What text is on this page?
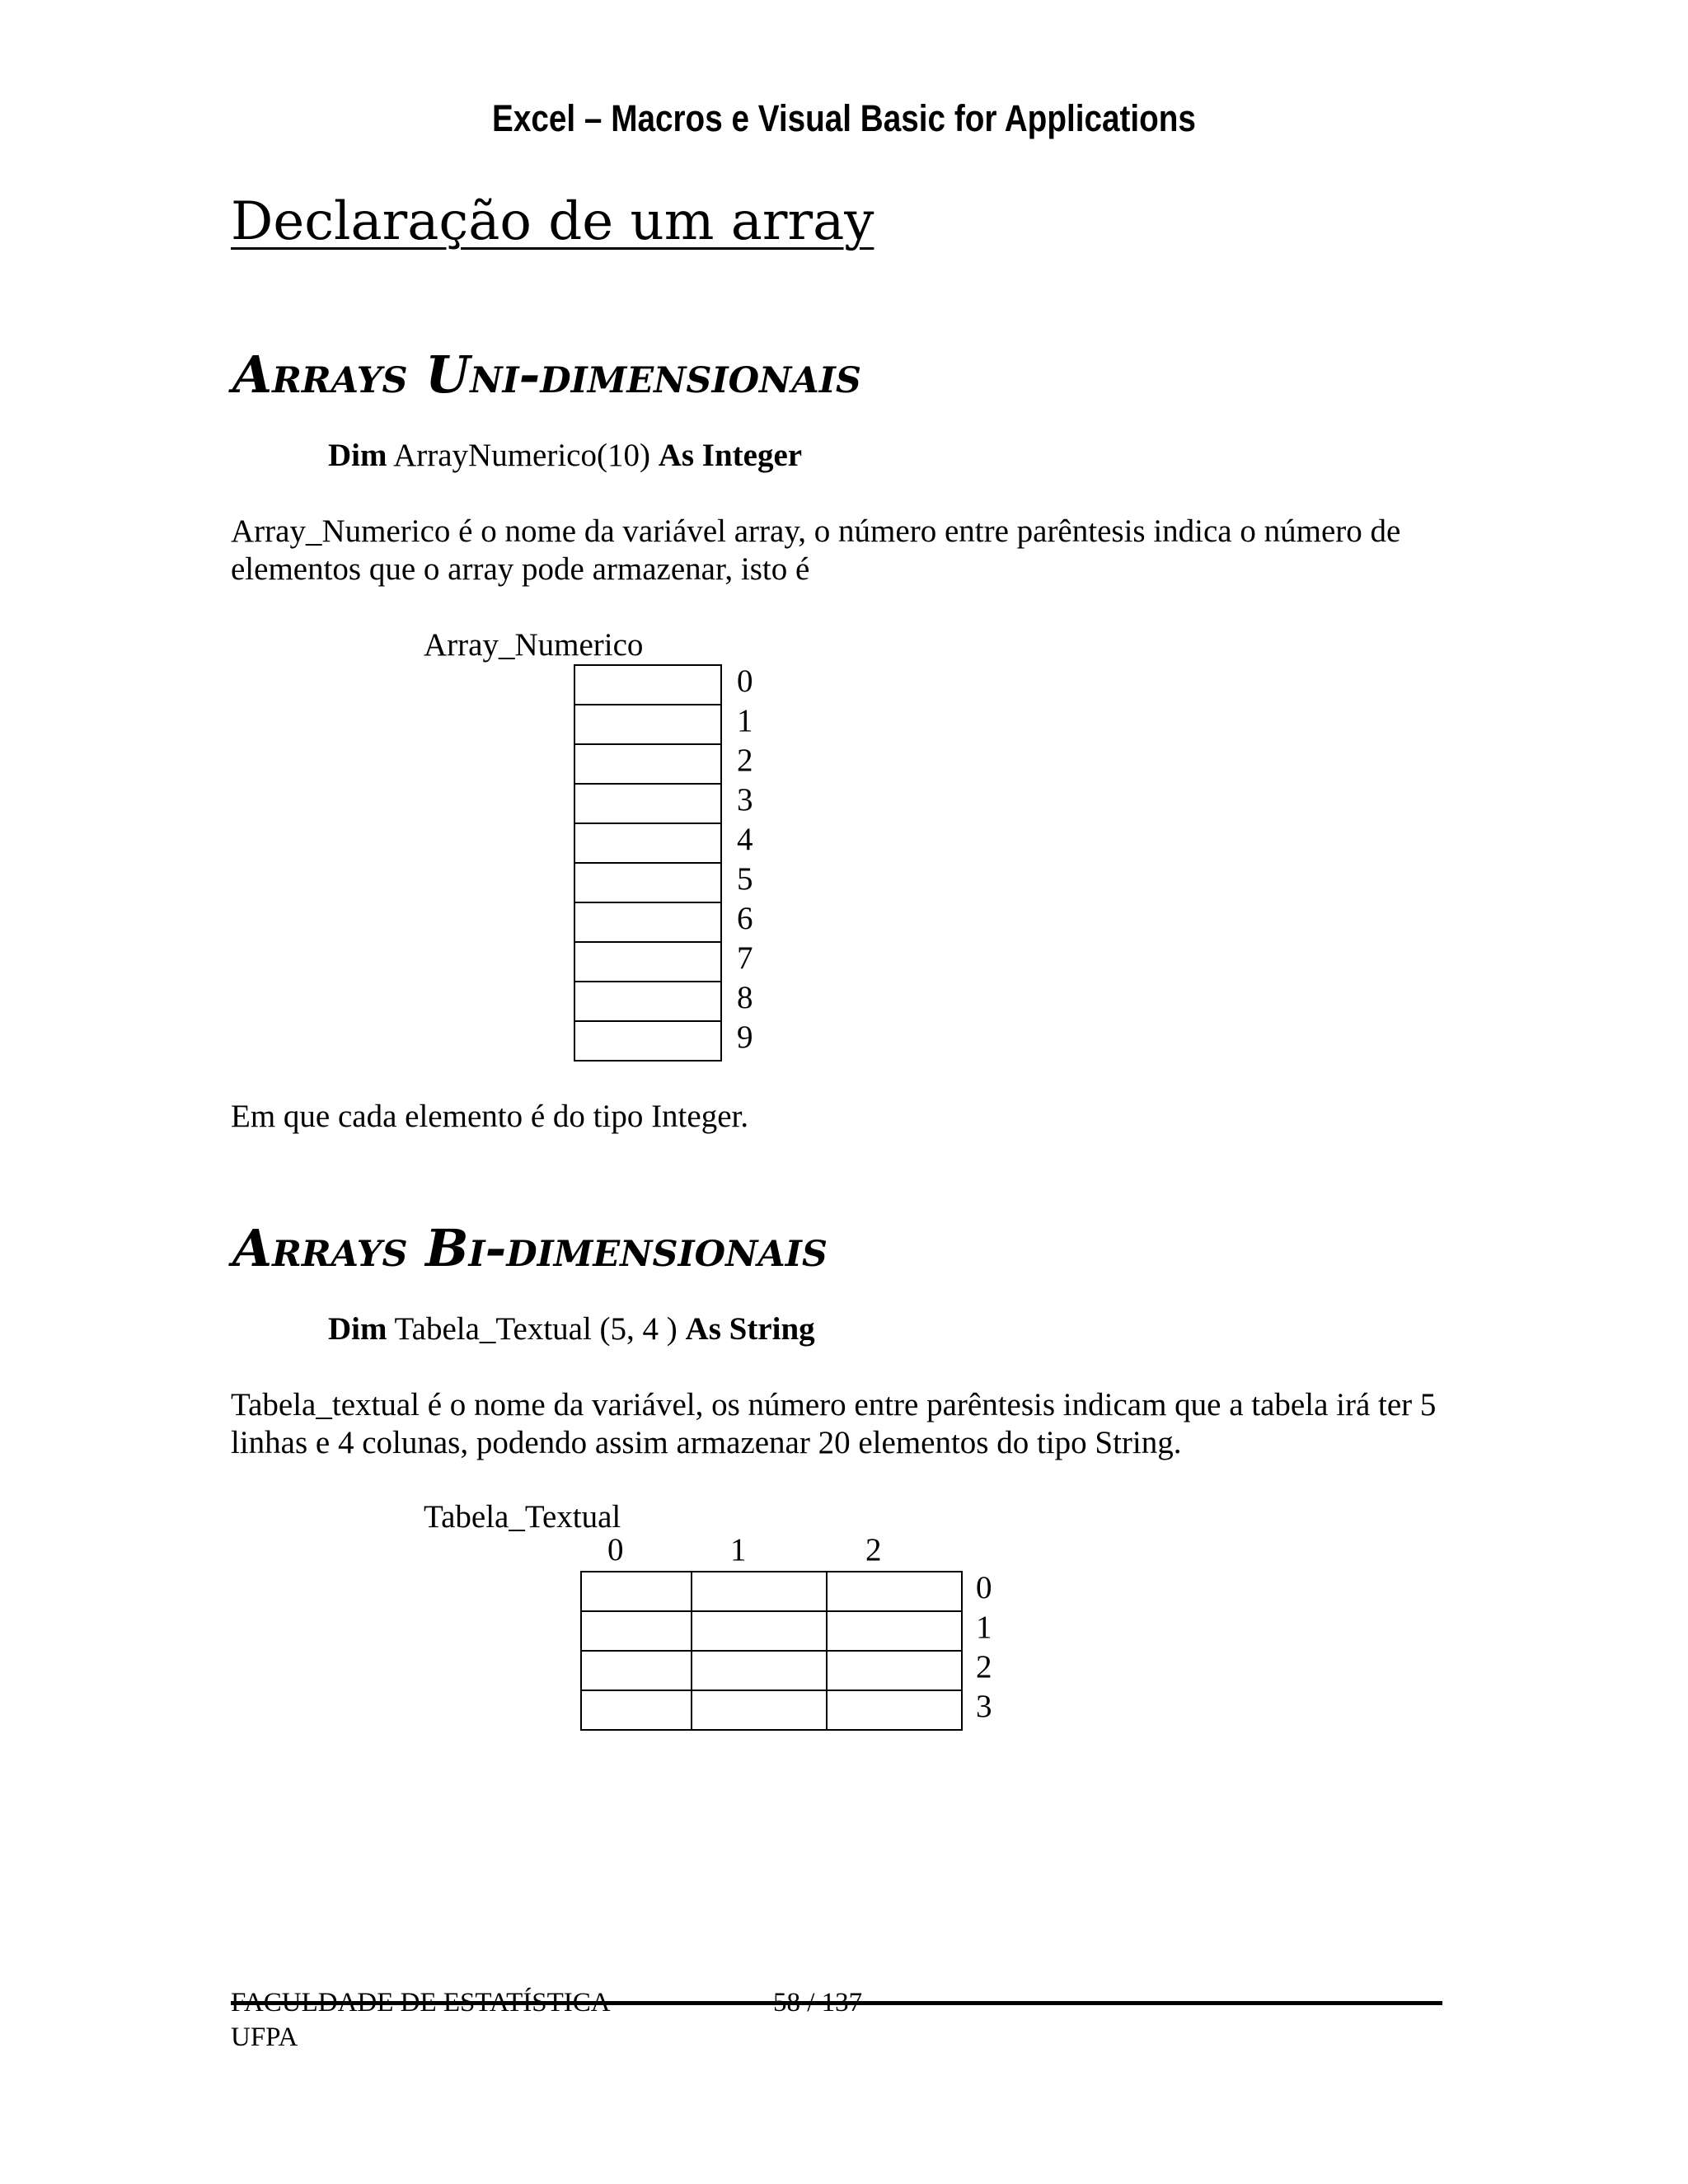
Excel – Macros e Visual Basic for Applications
Declaração de um array
Arrays Uni-dimensionais
Dim ArrayNumerico(10) As Integer
Array_Numerico é o nome da variável array, o número entre parêntesis indica o número de elementos que o array pode armazenar, isto é
Array_Numerico
0
1
2
3
4
5
6
7
8
9
Em que cada elemento é do tipo Integer.
Arrays Bi-dimensionais
Dim Tabela_Textual (5, 4 ) As String
Tabela_textual é o nome da variável, os número entre parêntesis indicam que a tabela irá ter 5 linhas e 4 colunas, podendo assim armazenar 20 elementos do tipo String.
Tabela_Textual
0	1	2
0
1
2
3
FACULDADE DE ESTATÍSTICA
UFPA
58 / 137
